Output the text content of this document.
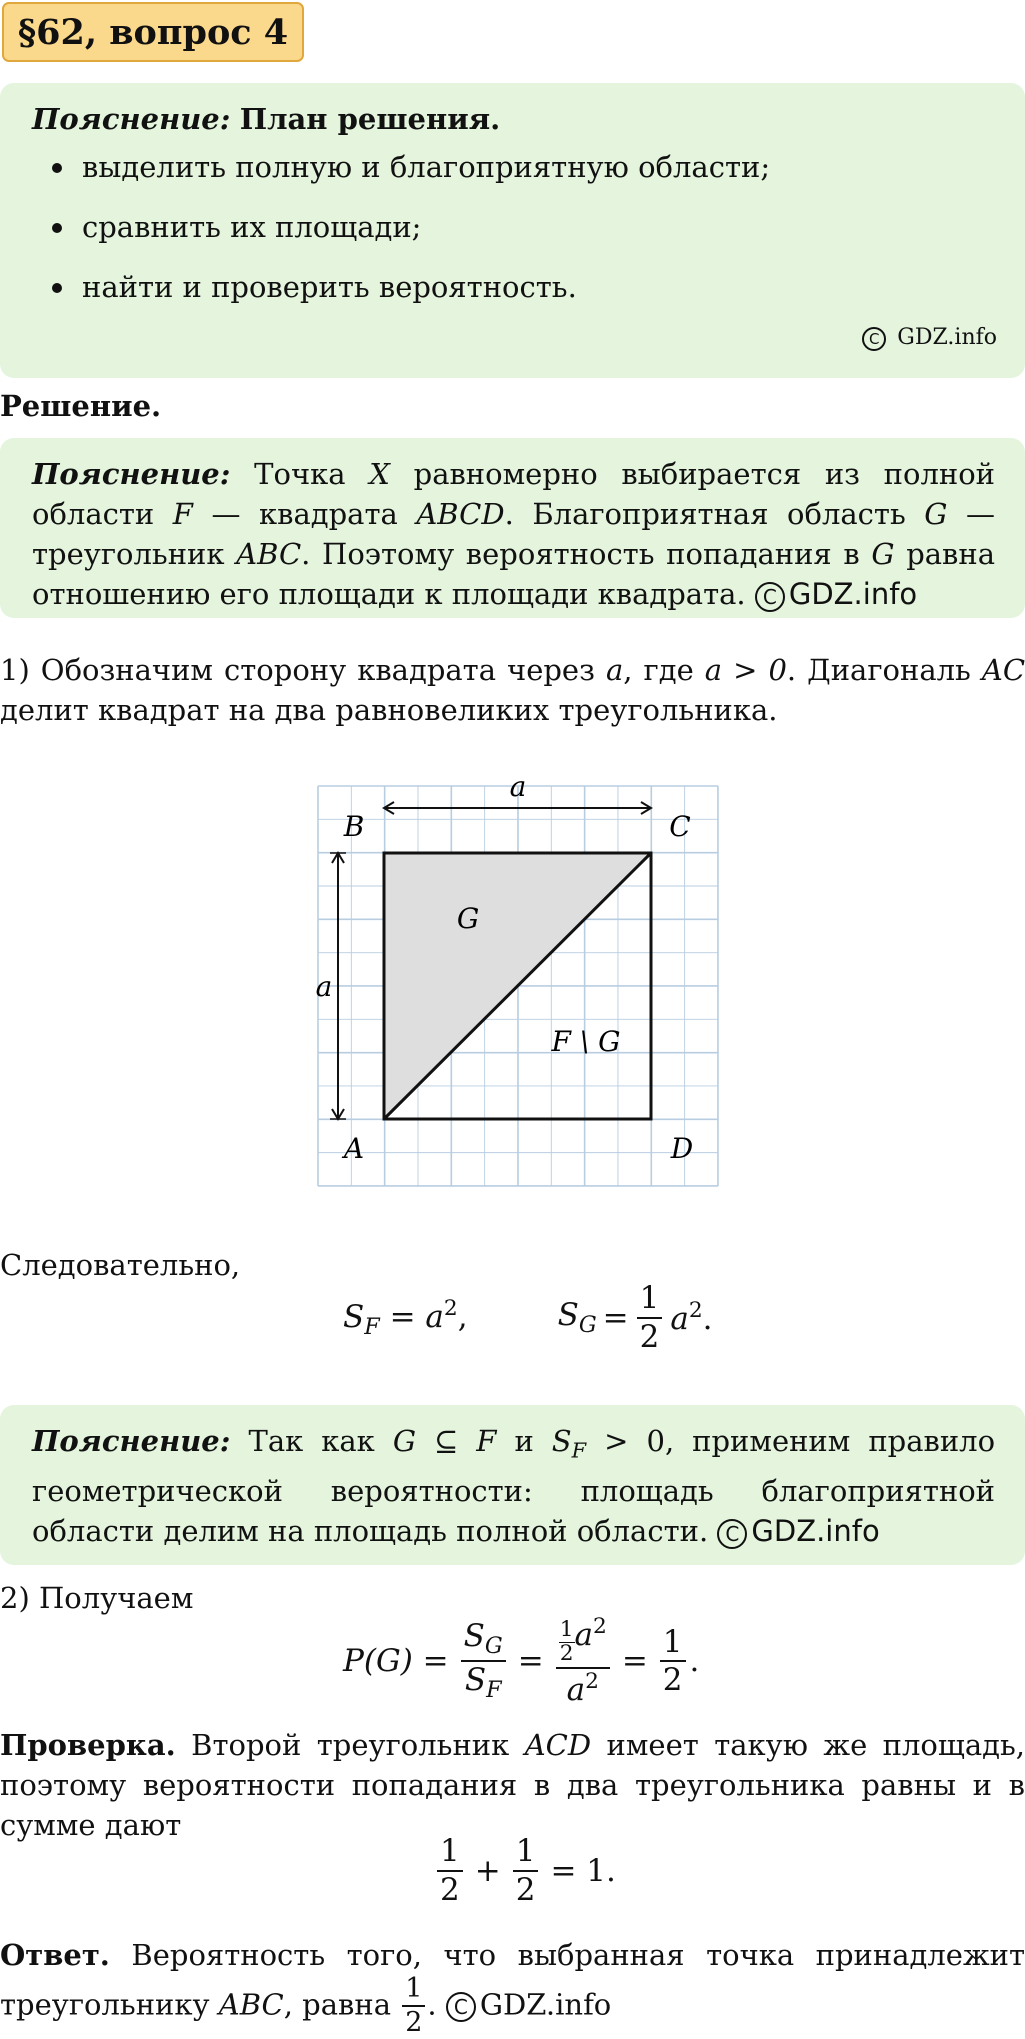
§62, вопрос 4
Пояснение: План решения.
выделить полную и благоприятную области;
сравнить их площади;
найти и проверить вероятность.
C GDZ.info
Решение.
Пояснение: Точка X равномерно выбирается из полной области F — квадрата ABCD. Благоприятная область G — треугольник ABC. Поэтому вероятность попадания в G равна отношению его площади к площади квадрата. C GDZ.info
1) Обозначим сторону квадрата через a, где a > 0. Диагональ AC делит квадрат на два равновеликих треугольника.
a
a
B	C
A	D
G
F \ G
Следовательно,
$S_F = a^2$,	$S_G = \frac{1}{2} a^2$.
Пояснение: Так как G ⊆ F и $S_F > 0$, применим правило геометрической вероятности: площадь благоприятной области делим на площадь полной области. C GDZ.info
2) Получаем
$P(G) = \frac{S_G}{S_F} = \frac{\frac{1}{2} a^2}{a^2} = \frac{1}{2}$ .
Проверка. Второй треугольник ACD имеет такую же площадь, поэтому вероятности попадания в два треугольника равны и в сумме дают
$\frac{1}{2} + \frac{1}{2} = 1$.
Ответ. Вероятность того, что выбранная точка принадлежит треугольнику ABC, равна $\frac{1}{2}$ . C GDZ.info
